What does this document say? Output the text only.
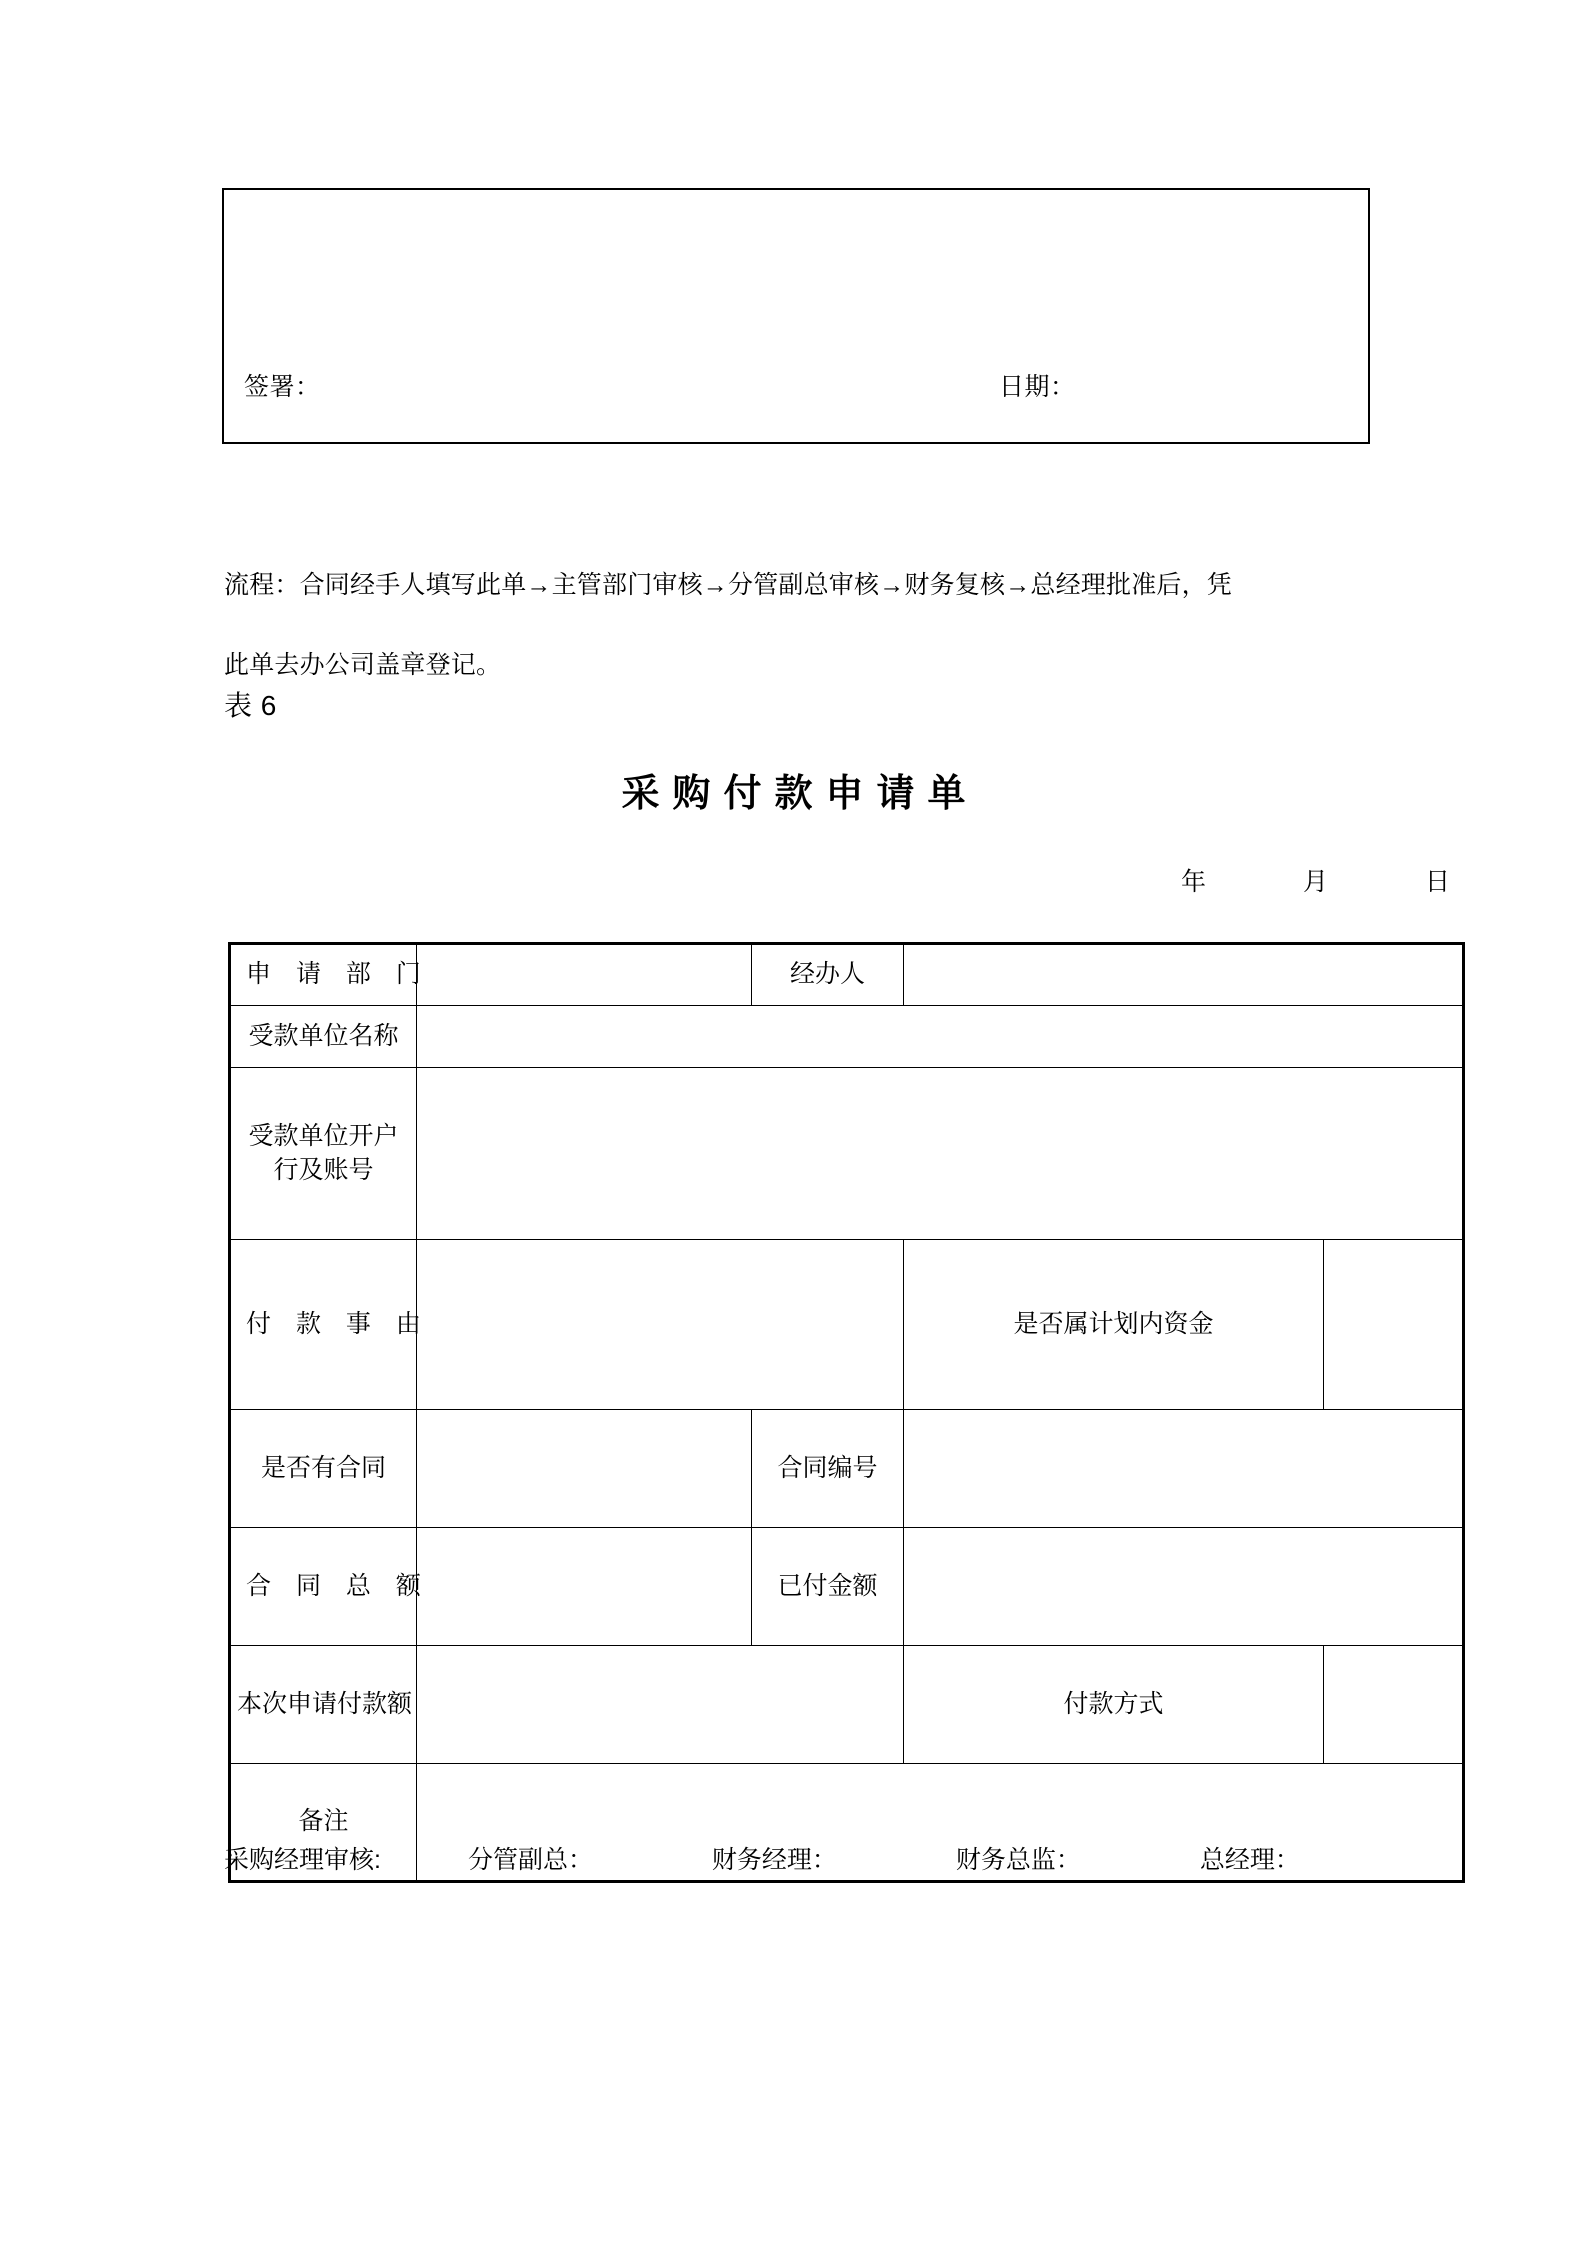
签署：	日期：
流程：合同经手人填写此单→主管部门审核→分管副总审核→财务复核→总经理批准后，凭
此单去办公司盖章登记。
表 6
采购付款申请单
年	月	日
申 请 部 门		经办人		
受款单位名称				
受款单位开户行及账号				
付 款 事 由			是否属计划内资金	
是否有合同		合同编号		
合 同 总 额		已付金额		
本次申请付款额			付款方式	
备注				
采购经理审核:	分管副总：	财务经理：	财务总监：	总经理：
